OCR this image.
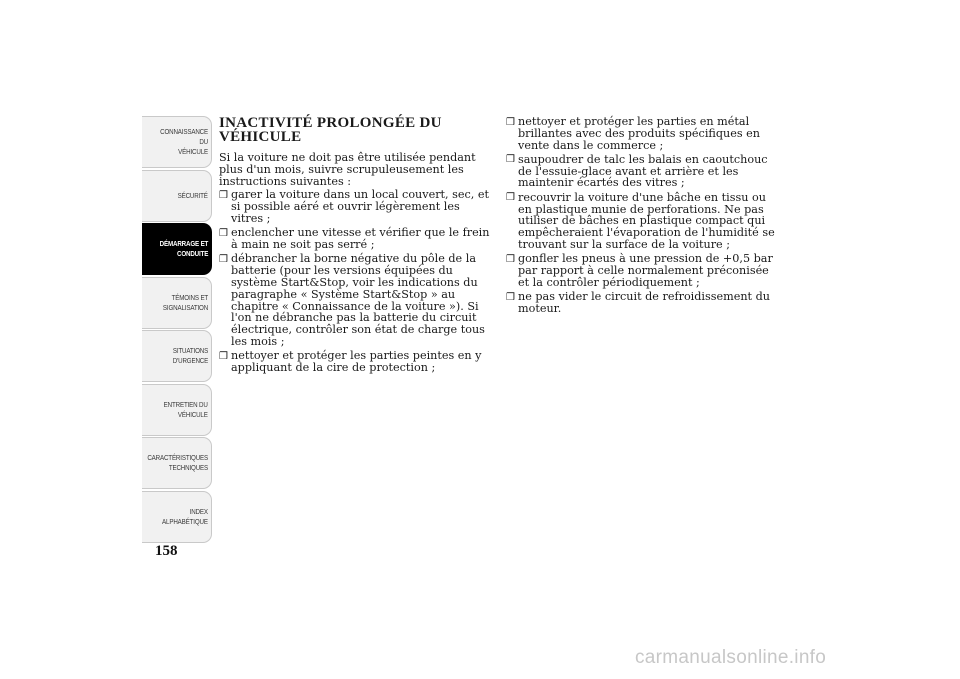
CONNAISSANCE DU
VÉHICULE
SÉCURITÉ
DÉMARRAGE ET
CONDUITE
TÉMOINS ET
SIGNALISATION
SITUATIONS
D'URGENCE
ENTRETIEN DU
VÉHICULE
CARACTÉRISTIQUES
TECHNIQUES
INDEX
ALPHABÉTIQUE
158
INACTIVITÉ PROLONGÉE DU VÉHICULE

Si la voiture ne doit pas être utilisée pendant plus d'un mois, suivre scrupuleusement les instructions suivantes :

❒ garer la voiture dans un local couvert, sec, et si possible aéré et ouvrir légèrement les vitres ;
❒ enclencher une vitesse et vérifier que le frein à main ne soit pas serré ;
❒ débrancher la borne négative du pôle de la batterie (pour les versions équipées du système Start&Stop, voir les indications du paragraphe « Système Start&Stop » au chapitre « Connaissance de la voiture »). Si l'on ne débranche pas la batterie du circuit électrique, contrôler son état de charge tous les mois ;
❒ nettoyer et protéger les parties peintes en y appliquant de la cire de protection ;
❒ nettoyer et protéger les parties en métal brillantes avec des produits spécifiques en vente dans le commerce ;
❒ saupoudrer de talc les balais en caoutchouc de l'essuie-glace avant et arrière et les maintenir écartés des vitres ;
❒ recouvrir la voiture d'une bâche en tissu ou en plastique munie de perforations. Ne pas utiliser de bâches en plastique compact qui empêcheraient l'évaporation de l'humidité se trouvant sur la surface de la voiture ;
❒ gonfler les pneus à une pression de +0,5 bar par rapport à celle normalement préconisée et la contrôler périodiquement ;
❒ ne pas vider le circuit de refroidissement du moteur.
carmanualsonline.info
